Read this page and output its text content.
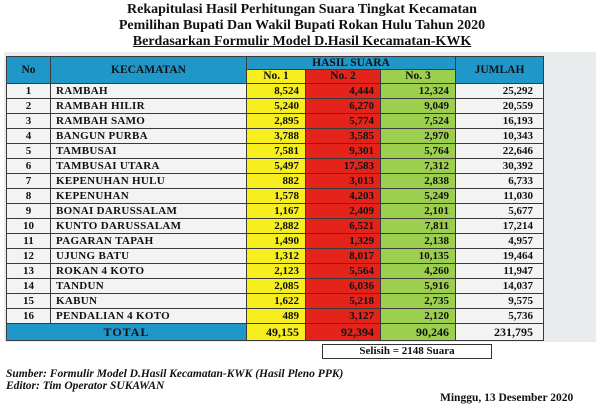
Rekapitulasi Hasil Perhitungan Suara Tingkat Kecamatan
Pemilihan Bupati Dan Wakil Bupati Rokan Hulu Tahun 2020
Berdasarkan Formulir Model D.Hasil Kecamatan-KWK
No	KECAMATAN	HASIL SUARA			JUMLAH
		No. 1	No. 2	No. 3	
1	RAMBAH	8,524	4,444	12,324	25,292
2	RAMBAH HILIR	5,240	6,270	9,049	20,559
3	RAMBAH SAMO	2,895	5,774	7,524	16,193
4	BANGUN PURBA	3,788	3,585	2,970	10,343
5	TAMBUSAI	7,581	9,301	5,764	22,646
6	TAMBUSAI UTARA	5,497	17,583	7,312	30,392
7	KEPENUHAN HULU	882	3,013	2,838	6,733
8	KEPENUHAN	1,578	4,203	5,249	11,030
9	BONAI DARUSSALAM	1,167	2,409	2,101	5,677
10	KUNTO DARUSSALAM	2,882	6,521	7,811	17,214
11	PAGARAN TAPAH	1,490	1,329	2,138	4,957
12	UJUNG BATU	1,312	8,017	10,135	19,464
13	ROKAN 4 KOTO	2,123	5,564	4,260	11,947
14	TANDUN	2,085	6,036	5,916	14,037
15	KABUN	1,622	5,218	2,735	9,575
16	PENDALIAN 4 KOTO	489	3,127	2,120	5,736
TOTAL		49,155	92,394	90,246	231,795
Selisih = 2148 Suara
Sumber: Formulir Model D.Hasil Kecamatan-KWK (Hasil Pleno PPK)
Editor: Tim Operator SUKAWAN
Minggu, 13 Desember 2020
